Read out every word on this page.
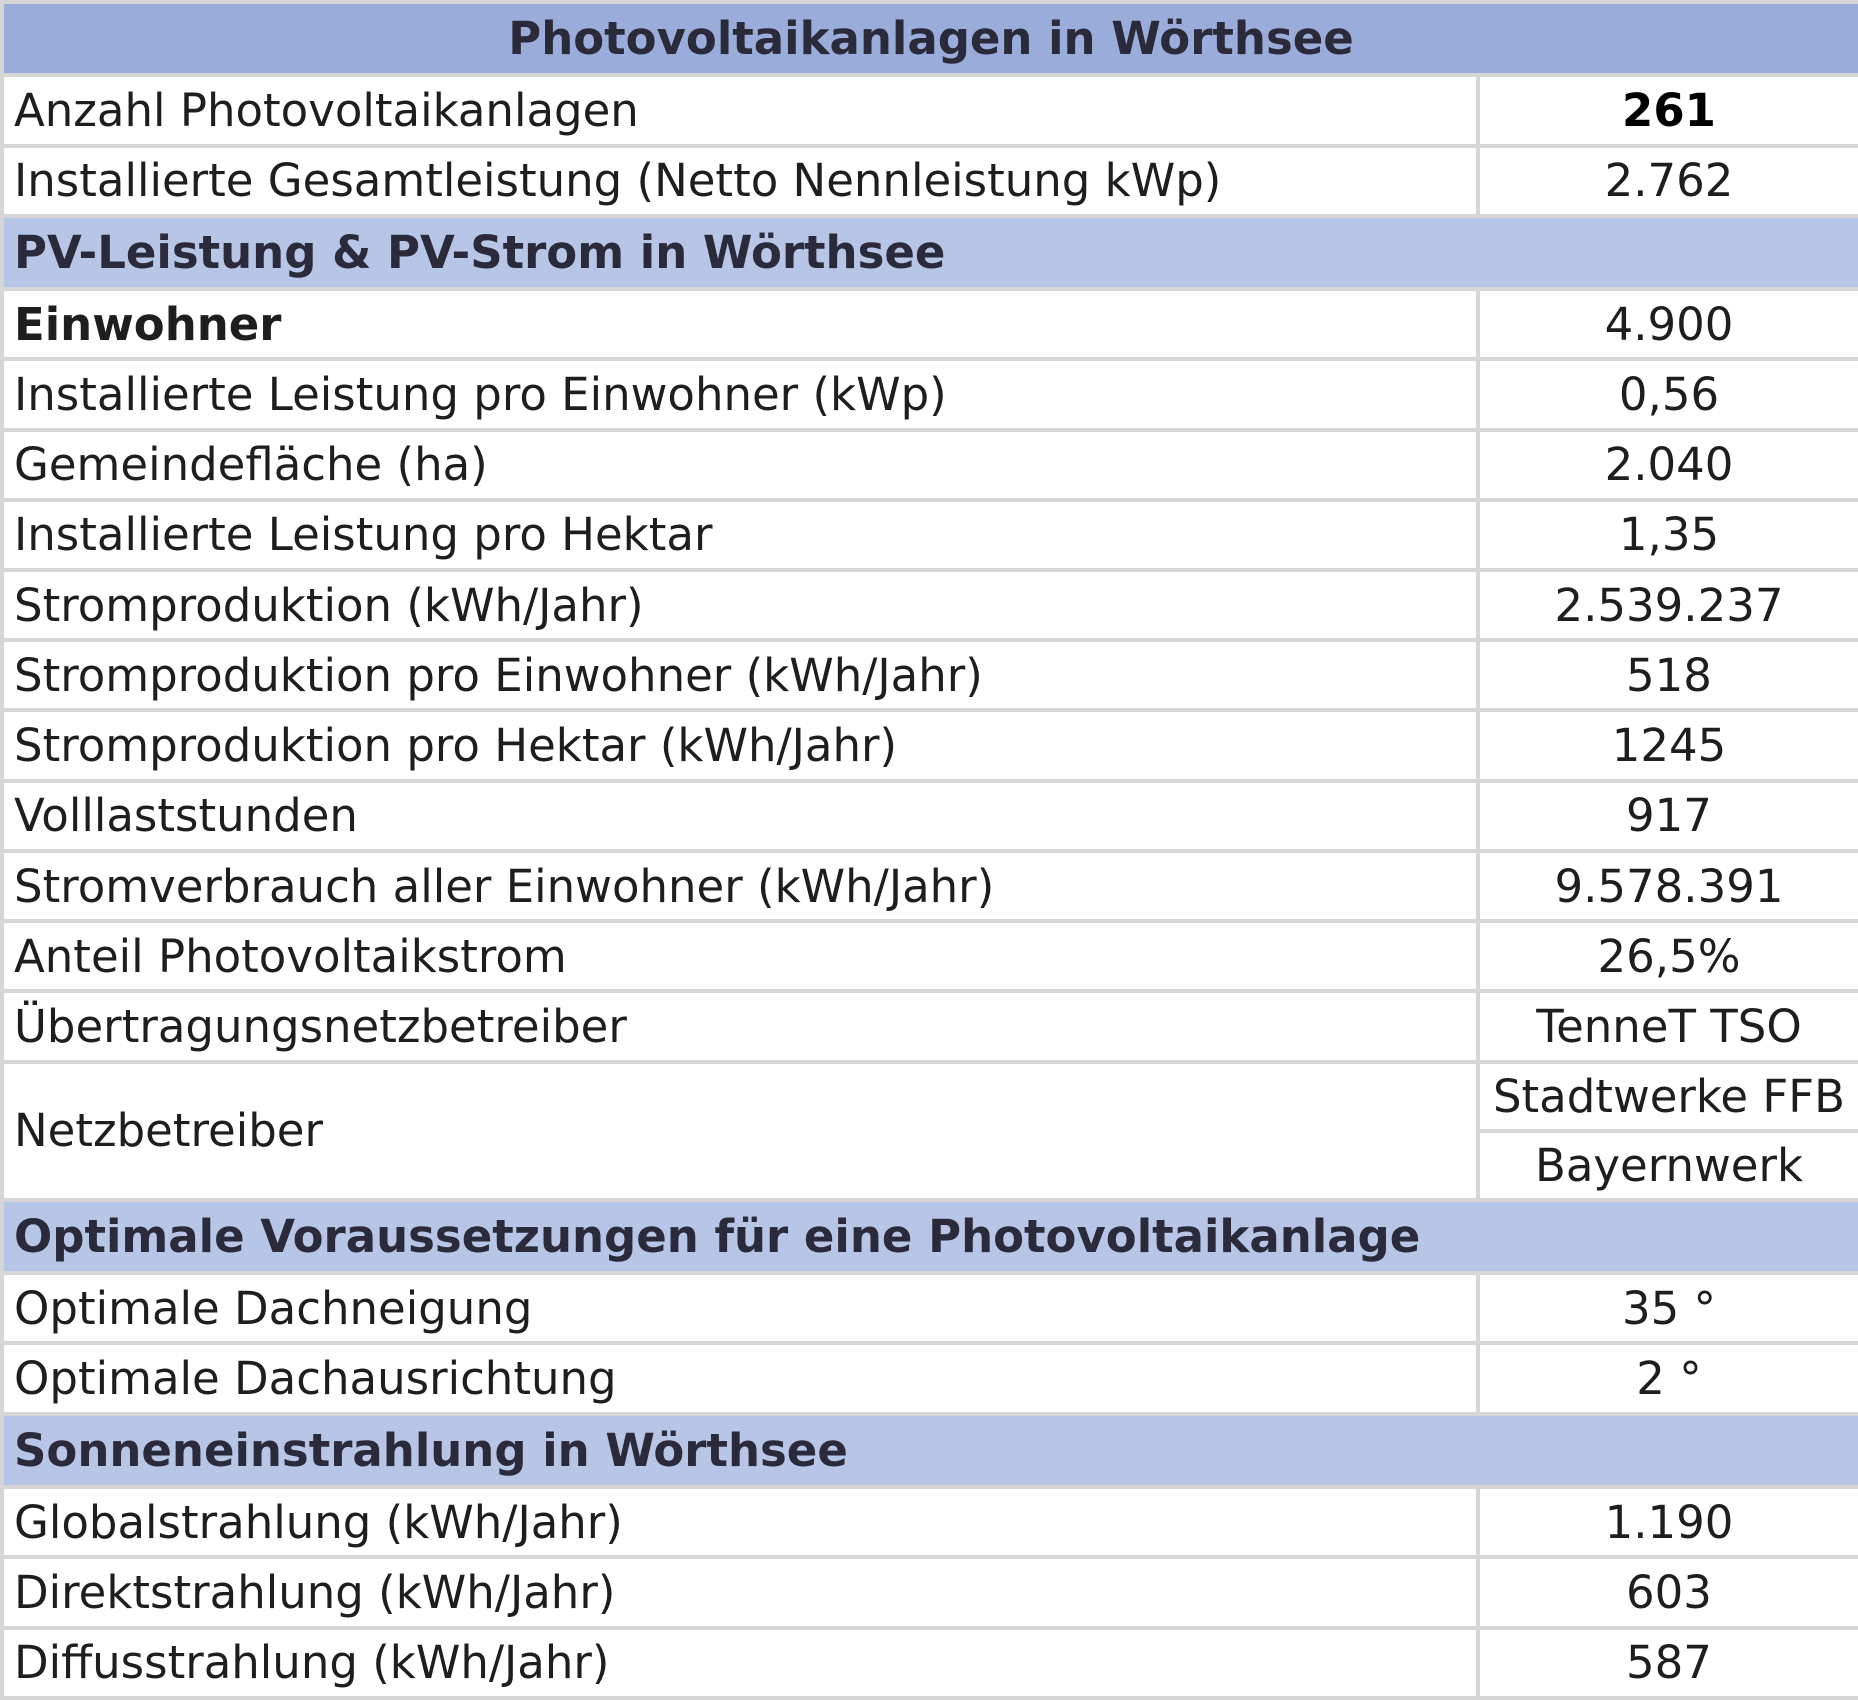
Photovoltaikanlagen in Wörthsee	
Anzahl Photovoltaikanlagen	261
Installierte Gesamtleistung (Netto Nennleistung kWp)	2.762
PV-Leistung & PV-Strom in Wörthsee	
Einwohner	4.900
Installierte Leistung pro Einwohner (kWp)	0,56
Gemeindefläche (ha)	2.040
Installierte Leistung pro Hektar	1,35
Stromproduktion (kWh/Jahr)	2.539.237
Stromproduktion pro Einwohner (kWh/Jahr)	518
Stromproduktion pro Hektar (kWh/Jahr)	1245
Volllaststunden	917
Stromverbrauch aller Einwohner (kWh/Jahr)	9.578.391
Anteil Photovoltaikstrom	26,5%
Übertragungsnetzbetreiber	TenneT TSO
Netzbetreiber	Stadtwerke FFB
	Bayernwerk
Optimale Voraussetzungen für eine Photovoltaikanlage	
Optimale Dachneigung	35 °
Optimale Dachausrichtung	2 °
Sonneneinstrahlung in Wörthsee	
Globalstrahlung (kWh/Jahr)	1.190
Direktstrahlung (kWh/Jahr)	603
Diffusstrahlung (kWh/Jahr)	587
